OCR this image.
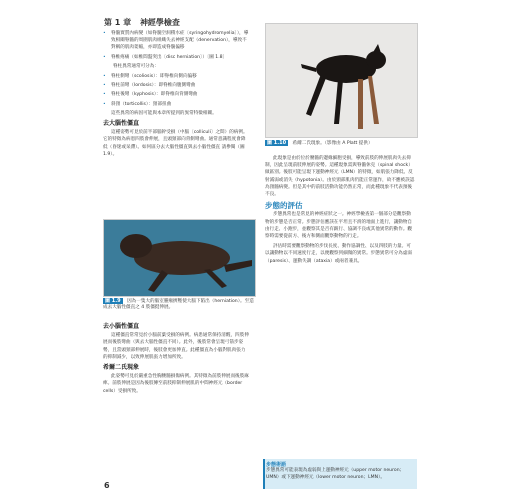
第 1 章 神經學檢查
• 脊髓實質內病變（如脊髓空洞積水症〔syringohydromyelia〕），導致相關脊髓的周圍肌肉組織失去神經支配（denervation），導致不對稱的肌肉萎縮，亦即造成脊髓偏移
• 脊椎疼痛（如椎間盤突出〔disc herniation〕）〔圖 1.8〕
脊柱異常通常可分為：
• 脊柱側彎（scoliosis）：即脊椎向側向偏移
• 脊柱前彎（lordosis）：即脊椎向腹側彎曲
• 脊柱後彎（kyphosis）：即脊椎向背側彎曲
• 斜頸（torticollis）：頸部扭曲
這些異常的病因可能與本章所提到的異常特徵相關。
去大腦性僵直
這種姿勢可見於前半部腦幹受損（中腦〔colliculi〕之間）的病例。它的特徵為病患四肢會伸展，且頭頸部向背側彎曲。通常意識程度會降低（昏迷或呆滯）。如何區分去大腦性僵直與去小腦性僵直 請參閱（圖 1.9）。
圖 1.9 因為一隻大的腦室腫瘤擠壓使大腦下陷出（herniation）。至造成去大腦性僵直之 4 肢僵挺伸展。
去小腦性僵直
這種僵直常常見於小腦前葉受損的病例。病患通常保持清醒，四肢伸展而後肢彎曲（與去大腦性僵直不同）。此外，後肢常會呈現弓箭步姿勢，且當頭頸部伸展時，後肢會更加伸直。此種僵直為小腦對肌肉張力的抑制減少，以致伸展肌張力增加所致。
希爾二氏現象
此姿勢可見於嚴重急性胸腰髓損傷病例。其特徵為前肢伸展而後肢麻痺。前肢伸展是因為後肢傳至前肢抑制伸展肌的中間神經元（border cells）受損所致。
圖 1.10 希爾二氏現象。（影像由 A Platt 提供）
此現象是由於位於腰髓的邊緣細胞受損，導致前肢的伸展肌肉失去抑制，因此呈現前肢伸展的姿勢。這種現象需與脊髓休克（spinal shock）做區別。後肢可能呈現下運動神經元（LMN）的特徵，如肌張力降低、反射減弱或消失（hypotonia）。由於頸部肌肉仍能正常運作，故不應被誤認為頸髓病變。但是其中的前肢活動功能仍然正常，而此種現象不代表預後不良。
步態的評估
步態異常也是常見的神經症狀之一。神經學檢查第一個部分是觀察動物的步態是否正常。步態評估應該在平坦且不滑的地面上進行，讓動物自由行走、小跑步，並觀察其是否有跛行、協調不良或其他異常的動作。觀察時需要從前方、後方和側面觀察動物的行走。
評估時需要觀察動物的步伐長度、動作協調性、以及四肢的力量。可以讓動物以不同速度行走，以便觀察到細微的異常。步態異常可分為虛弱（paresis）、運動失調（ataxia）或兩者兼具。
步態術語
步態異常可能表現為虛弱與上運動神經元（upper motor neuron；UMN）或下運動神經元（lower motor neuron；LMN）。
6
